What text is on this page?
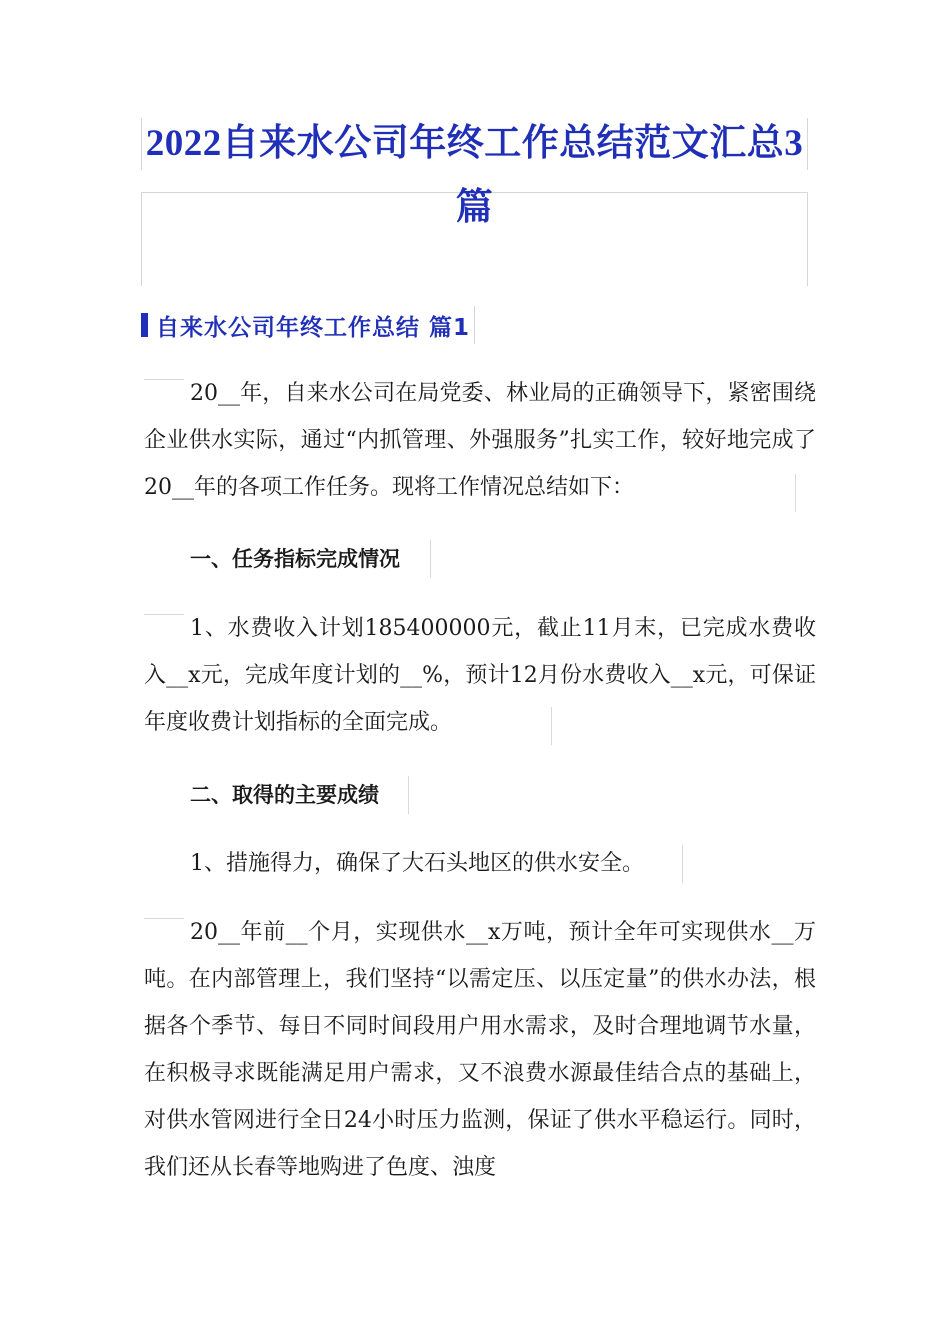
2022自来水公司年终工作总结范文汇总3篇
自来水公司年终工作总结 篇1

20__年，自来水公司在局党委、林业局的正确领导下，紧密围绕企业供水实际，通过“内抓管理、外强服务”扎实工作，较好地完成了20__年的各项工作任务。现将工作情况总结如下：

一、任务指标完成情况

1、水费收入计划185400000元，截止11月末，已完成水费收入__x元，完成年度计划的__%，预计12月份水费收入__x元，可保证年度收费计划指标的全面完成。

二、取得的主要成绩

1、措施得力，确保了大石头地区的供水安全。

20__年前__个月，实现供水__x万吨，预计全年可实现供水__万吨。在内部管理上，我们坚持“以需定压、以压定量”的供水办法，根据各个季节、每日不同时间段用户用水需求，及时合理地调节水量，在积极寻求既能满足用户需求，又不浪费水源最佳结合点的基础上，对供水管网进行全日24小时压力监测，保证了供水平稳运行。同时，我们还从长春等地购进了色度、浊度
